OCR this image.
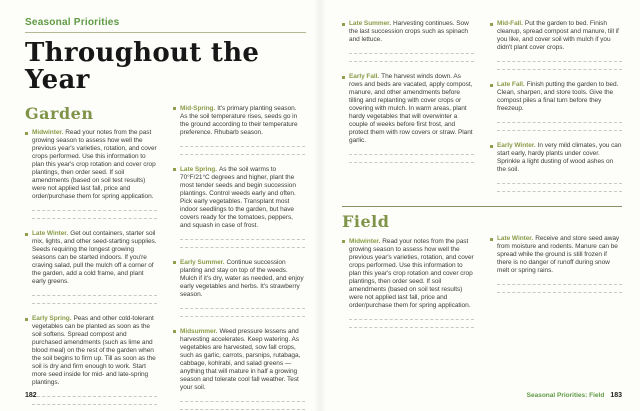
Seasonal Priorities
Throughout the Year
Garden

Midwinter. Read your notes from the past growing season to assess how well the previous year's varieties, rotation, and cover crops performed. Use this information to plan this year's crop rotation and cover crop plantings, then order seed. If soil amendments (based on soil test results) were not applied last fall, price and order/purchase them for spring application.

Late Winter. Get out containers, starter soil mix, lights, and other seed-starting supplies. Seeds requiring the longest growing seasons can be started indoors. If you're craving salad, pull the mulch off a corner of the garden, add a cold frame, and plant early greens.

Early Spring. Peas and other cold-tolerant vegetables can be planted as soon as the soil softens. Spread compost and purchased amendments (such as lime and blood meal) on the rest of the garden when the soil begins to firm up. Till as soon as the soil is dry and firm enough to work. Start more seed inside for mid- and late-spring plantings.

Mid-Spring. It's primary planting season. As the soil temperature rises, seeds go in the ground according to their temperature preference. Rhubarb season.

Late Spring. As the soil warms to 70°F/21°C degrees and higher, plant the most tender seeds and begin succession plantings. Control weeds early and often. Pick early vegetables. Transplant most indoor seedlings to the garden, but have covers ready for the tomatoes, peppers, and squash in case of frost.

Early Summer. Continue succession planting and stay on top of the weeds. Mulch if it's dry, water as needed, and enjoy early vegetables and herbs. It's strawberry season.

Midsummer. Weed pressure lessens and harvesting accelerates. Keep watering. As vegetables are harvested, sow fall crops, such as garlic, carrots, parsnips, rutabaga, cabbage, kohlrabi, and salad greens — anything that will mature in half a growing season and tolerate cool fall weather. Test your soil.

182

Late Summer. Harvesting continues. Sow the last succession crops such as spinach and lettuce.

Early Fall. The harvest winds down. As rows and beds are vacated, apply compost, manure, and other amendments before tilling and replanting with cover crops or covering with mulch. In warm areas, plant hardy vegetables that will overwinter a couple of weeks before first frost, and protect them with row covers or straw. Plant garlic.

Mid-Fall. Put the garden to bed. Finish cleanup, spread compost and manure, till if you like, and cover soil with mulch if you didn't plant cover crops.

Late Fall. Finish putting the garden to bed. Clean, sharpen, and store tools. Give the compost piles a final turn before they freezeup.

Early Winter. In very mild climates, you can start early, hardy plants under cover. Sprinkle a light dusting of wood ashes on the soil.

Field

Midwinter. Read your notes from the past growing season to assess how well the previous year's varieties, rotation, and cover crops performed. Use this information to plan this year's crop rotation and cover crop plantings, then order seed. If soil amendments (based on soil test results) were not applied last fall, price and order/purchase them for spring application.

Late Winter. Receive and store seed away from moisture and rodents. Manure can be spread while the ground is still frozen if there is no danger of runoff during snow melt or spring rains.

Seasonal Priorities: Field 183
